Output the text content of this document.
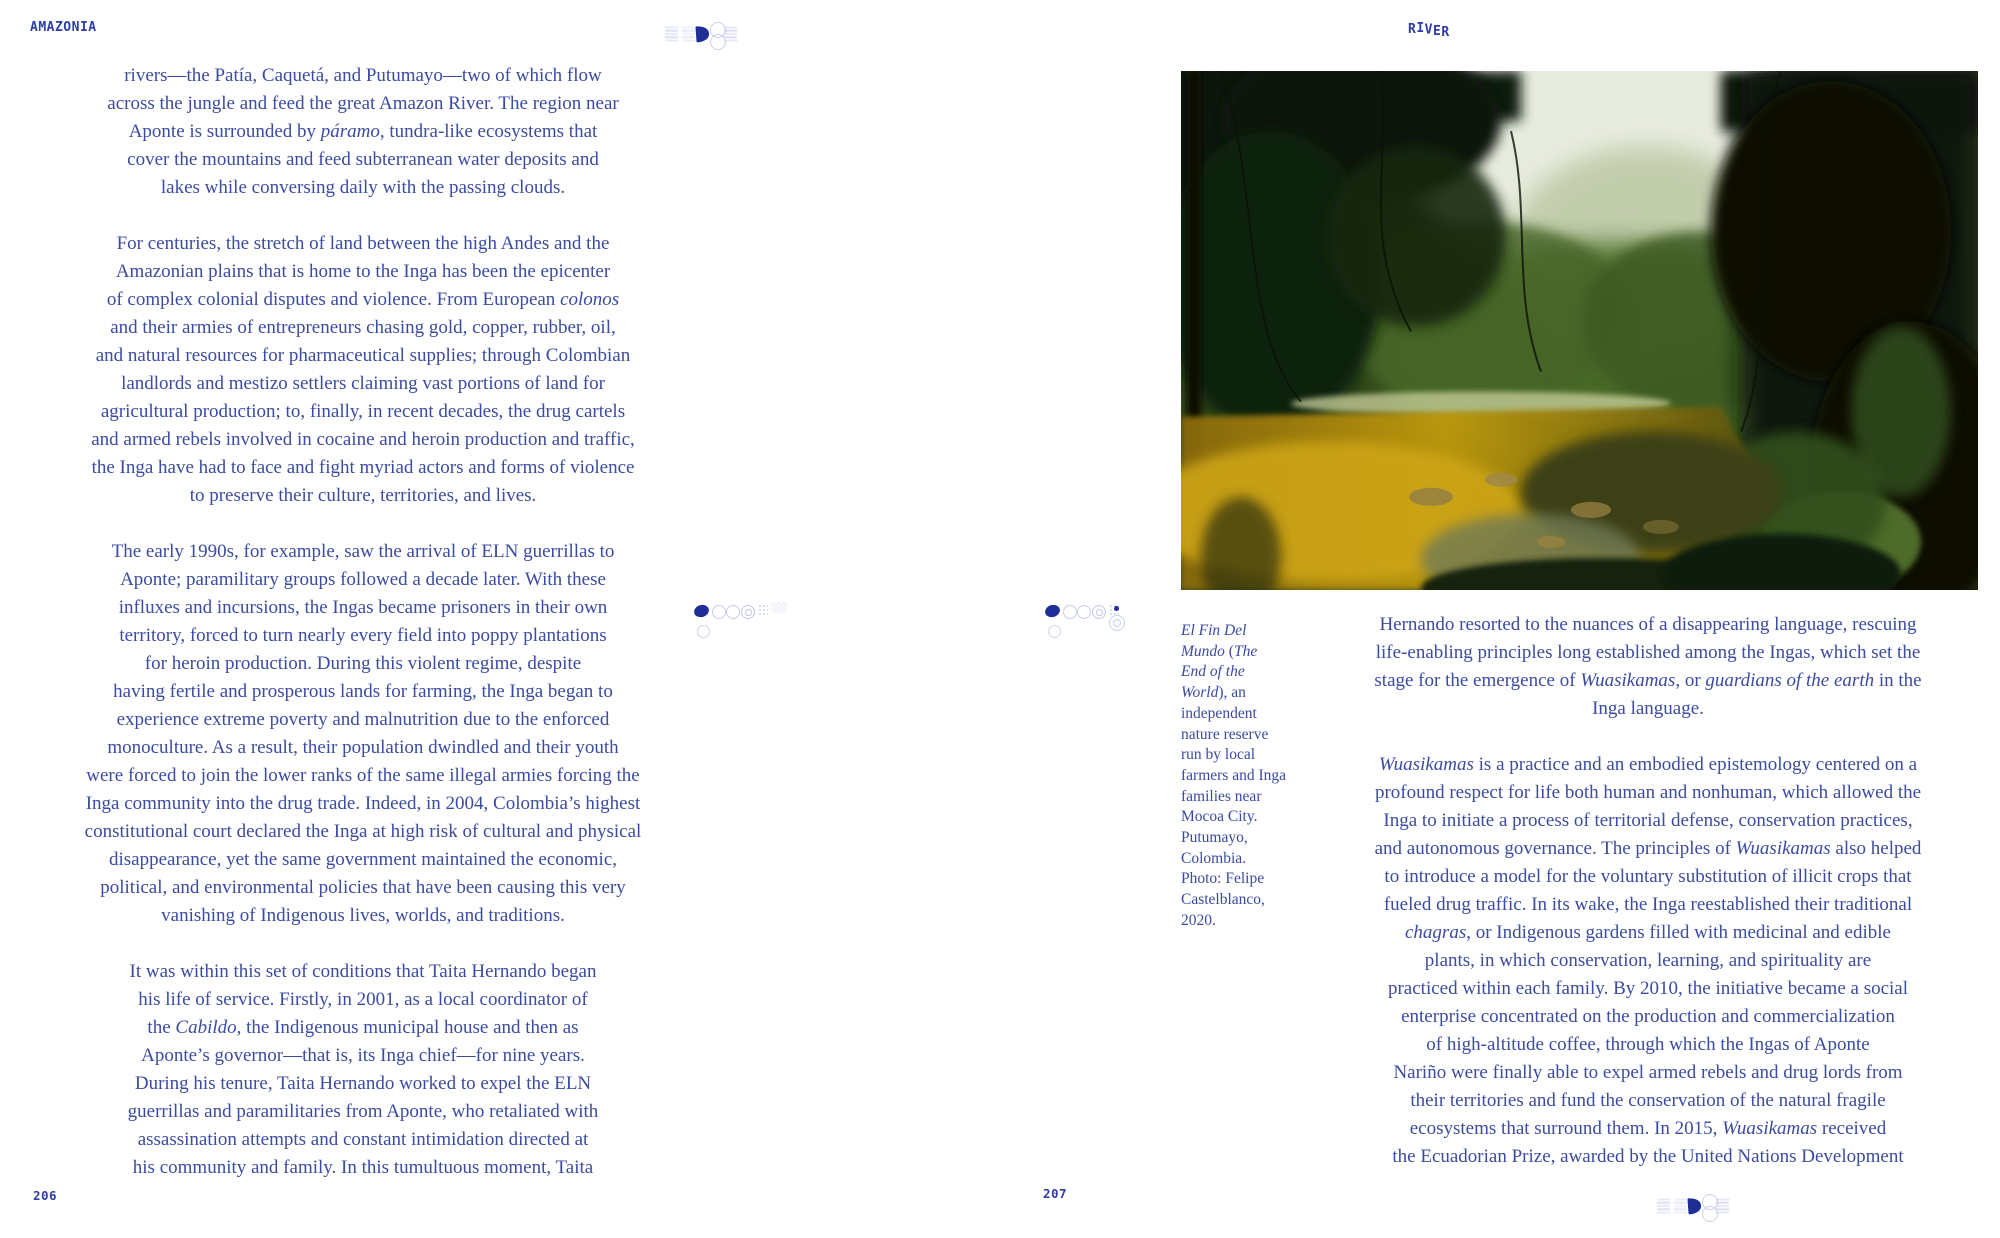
AMAZONIA	RIVER
rivers—the Patía, Caquetá, and Putumayo—two of which flow
across the jungle and feed the great Amazon River. The region near
Aponte is surrounded by páramo, tundra-like ecosystems that
cover the mountains and feed subterranean water deposits and
lakes while conversing daily with the passing clouds.
For centuries, the stretch of land between the high Andes and the
Amazonian plains that is home to the Inga has been the epicenter
of complex colonial disputes and violence. From European colonos
and their armies of entrepreneurs chasing gold, copper, rubber, oil,
and natural resources for pharmaceutical supplies; through Colombian
landlords and mestizo settlers claiming vast portions of land for
agricultural production; to, finally, in recent decades, the drug cartels
and armed rebels involved in cocaine and heroin production and traffic,
the Inga have had to face and fight myriad actors and forms of violence
to preserve their culture, territories, and lives.
The early 1990s, for example, saw the arrival of ELN guerrillas to
Aponte; paramilitary groups followed a decade later. With these
influxes and incursions, the Ingas became prisoners in their own
territory, forced to turn nearly every field into poppy plantations
for heroin production. During this violent regime, despite
having fertile and prosperous lands for farming, the Inga began to
experience extreme poverty and malnutrition due to the enforced
monoculture. As a result, their population dwindled and their youth
were forced to join the lower ranks of the same illegal armies forcing the
Inga community into the drug trade. Indeed, in 2004, Colombia’s highest
constitutional court declared the Inga at high risk of cultural and physical
disappearance, yet the same government maintained the economic,
political, and environmental policies that have been causing this very
vanishing of Indigenous lives, worlds, and traditions.
It was within this set of conditions that Taita Hernando began
his life of service. Firstly, in 2001, as a local coordinator of
the Cabildo, the Indigenous municipal house and then as
Aponte’s governor—that is, its Inga chief—for nine years.
During his tenure, Taita Hernando worked to expel the ELN
guerrillas and paramilitaries from Aponte, who retaliated with
assassination attempts and constant intimidation directed at
his community and family. In this tumultuous moment, Taita
El Fin Del
Mundo (The
End of the
World), an
independent
nature reserve
run by local
farmers and Inga
families near
Mocoa City.
Putumayo,
Colombia.
Photo: Felipe
Castelblanco,
2020.
Hernando resorted to the nuances of a disappearing language, rescuing
life-enabling principles long established among the Ingas, which set the
stage for the emergence of Wuasikamas, or guardians of the earth in the
Inga language.
Wuasikamas is a practice and an embodied epistemology centered on a
profound respect for life both human and nonhuman, which allowed the
Inga to initiate a process of territorial defense, conservation practices,
and autonomous governance. The principles of Wuasikamas also helped
to introduce a model for the voluntary substitution of illicit crops that
fueled drug traffic. In its wake, the Inga reestablished their traditional
chagras, or Indigenous gardens filled with medicinal and edible
plants, in which conservation, learning, and spirituality are
practiced within each family. By 2010, the initiative became a social
enterprise concentrated on the production and commercialization
of high-altitude coffee, through which the Ingas of Aponte
Nariño were finally able to expel armed rebels and drug lords from
their territories and fund the conservation of the natural fragile
ecosystems that surround them. In 2015, Wuasikamas received
the Ecuadorian Prize, awarded by the United Nations Development
206	207
